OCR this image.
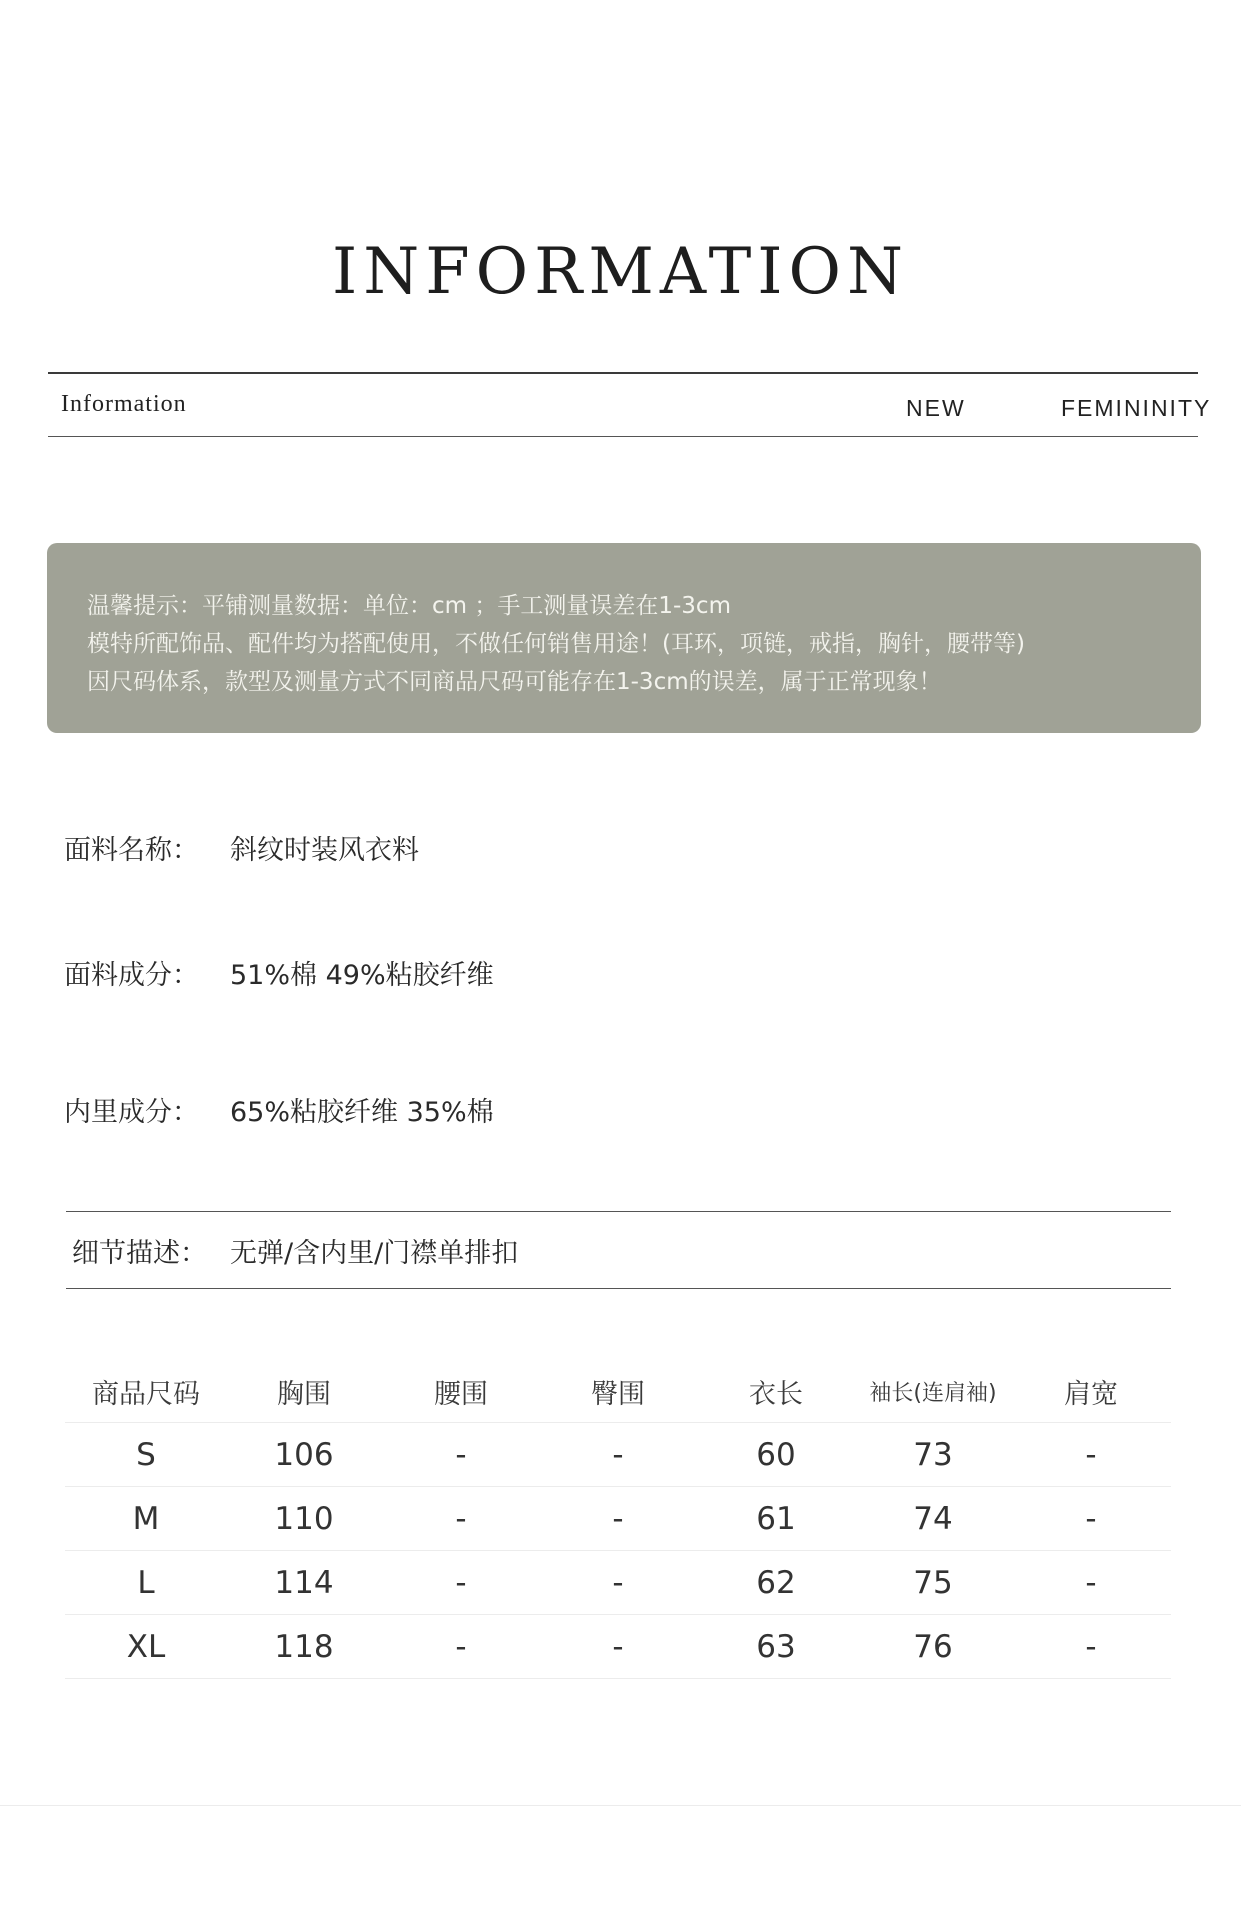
INFORMATION
Information	NEW	FEMININITY
温馨提示：平铺测量数据：单位：cm ；手工测量误差在1-3cm
模特所配饰品、配件均为搭配使用，不做任何销售用途！(耳环，项链，戒指，胸针，腰带等)
因尺码体系，款型及测量方式不同商品尺码可能存在1-3cm的误差，属于正常现象！
面料名称： 斜纹时装风衣料
面料成分： 51%棉 49%粘胶纤维
内里成分： 65%粘胶纤维 35%棉
细节描述： 无弹/含内里/门襟单排扣
商品尺码	胸围	腰围	臀围	衣长	袖长(连肩袖) 肩宽
S	106	-	-	60	73	-
M	110	-	-	61	74	-
L	114	-	-	62	75	-
XL	118	-	-	63	76	-
